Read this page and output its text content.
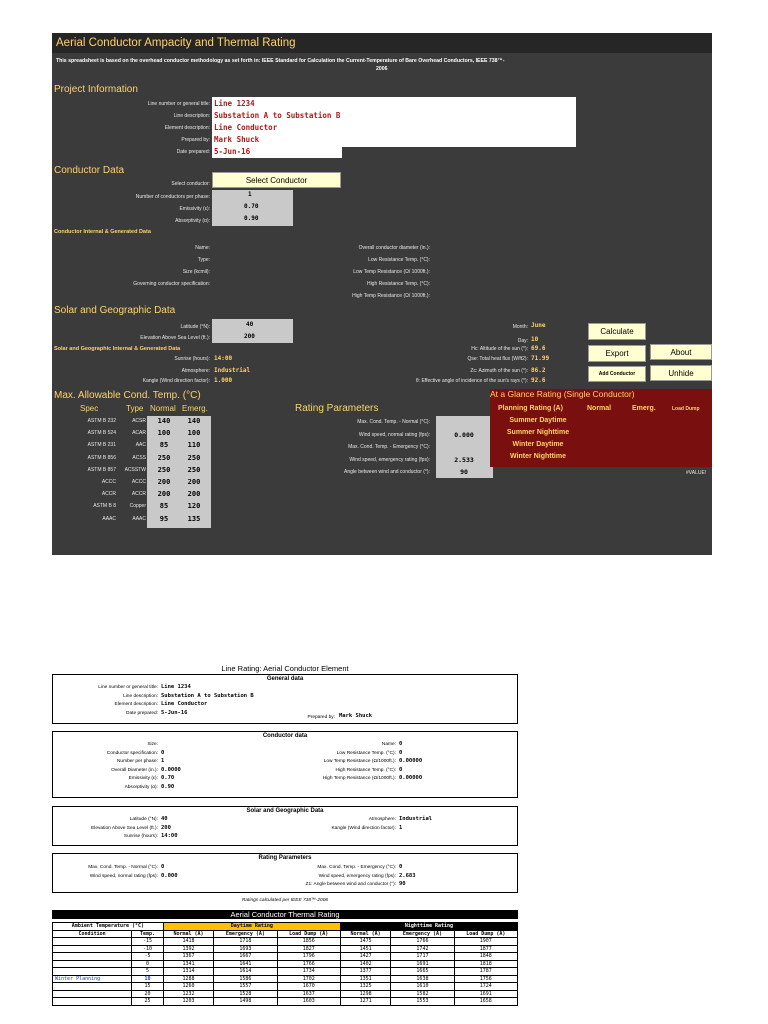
Aerial Conductor Ampacity and Thermal Rating
This spreadsheet is based on the overhead conductor methodology as set forth in: IEEE Standard for Calculation the Current-Temperature of Bare Overhead Conductors, IEEE 738™-
2006
Project Information
Line number or general title: Line 1234
Line description: Substation A to Substation B
Element description: Line Conductor
Prepared by: Mark Shuck
Date prepared: 5-Jun-16
Conductor Data
Select conductor:	Select Conductor
Number of conductors per phase:	1
Emissivity (ε):	0.70
Absorptivity (α):	0.90
Conductor Internal & Generated Data
Name:
Type:
Size (kcmil):
Governing conductor specification:
Overall conductor diameter (in.):
Low Resistance Temp. (°C):
Low Temp Resistance (Ω/ 1000ft.):
High Resistance Temp. (°C):
High Temp Resistance (Ω/ 1000ft.):
Solar and Geographic Data
Latitude (°N):	40
Elevation Above Sea Level (ft.):	200
Solar and Geographic Internal & Generated Data
Sunrise (hours): 14:00
Atmosphere: Industrial
Kangle (Wind direction factor): 1.000
Month: June
Day: 10
Hc: Altitude of the sun (°): 69.6
Qse: Total heat flux (W/ft2): 71.99
Zc: Azimuth of the sun (°): 86.2
θ: Effective angle of incidence of the sun's rays (°): 92.6
Calculate
Export	About
Add Conductor	Unhide
Max. Allowable Cond. Temp. (°C)
Spec	Type Normal Emerg.
ASTM B 232	ACSR	140	140
ASTM B 524	ACAR	100	100
ASTM B 231	AAC	85	110
ASTM B 856	ACSS	250	250
ASTM B 857	ACSSTW	250	250
ACCC	ACCC	200	200
ACCR	ACCR	200	200
ASTM B 8	Copper	85	120
AAAC	AAAC	95	135
Rating Parameters
Max. Cond. Temp. - Normal (°C):
Wind speed, normal rating (fps):	0.000
Max. Cond. Temp. - Emergency (°C):
Wind speed, emergency rating (fps):	2.533
Angle between wind and conductor (°):	90
At a Glance Rating (Single Conductor)
Planning Rating (A)	Normal	Emerg.	Load Dump
Summer Daytime
Summer Nighttime
Winter Daytime
Winter Nighttime
#VALUE!
Line Rating: Aerial Conductor Element
General data
Line number or general title: Line 1234
Line description: Substation A to Substation B
Element description: Line Conductor
Date prepared: 5-Jun-16
Prepared by: Mark Shuck
Conductor data
Size:
Conductor specification: 0
Number per phase: 1
Overall Diameter (in.): 0.0000
Emissivity (ε): 0.70
Absorptivity (α): 0.90
Name: 0
Low Resistance Temp. (°C): 0
Low Temp Resistance (Ω/1000ft.): 0.00000
High Resistance Temp. (°C): 0
High Temp Resistance (Ω/1000ft.): 0.00000
Solar and Geographic Data
Latitude (°N): 40
Elevation Above Sea Level (ft.): 200
Sunrise (hours): 14:00
Atmosphere: Industrial
Kangle (Wind direction factor): 1
Rating Parameters
Max. Cond. Temp. - Normal (°C): 0
Wind speed, normal rating (fps): 0.000
Max. Cond. Temp. - Emergency (°C): 0
Wind speed, emergency rating (fps): 2.683
Z1: Angle between wind and conductor (°): 90
Ratings calculated per IEEE 738™-2006
Aerial Conductor Thermal Rating
Ambient Temperature (°C)		Daytime Rating			Nighttime Rating		
Condition	Temp.	Normal (A)	Emergency (A)	Load Dump (A)	Normal (A)	Emergency (A)	Load Dump (A)
	-15	1418	1718	1856	1475	1766	1907
	-10	1392	1693	1827	1451	1742	1877
	-5	1367	1667	1796	1427	1717	1848
	0	1341	1641	1766	1402	1691	1818
	5	1314	1614	1734	1377	1665	1787
Winter Planning	10	1288	1586	1702	1351	1638	1756
	15	1260	1557	1670	1325	1610	1724
	20	1232	1528	1637	1298	1582	1691
	25	1203	1498	1603	1271	1553	1658
